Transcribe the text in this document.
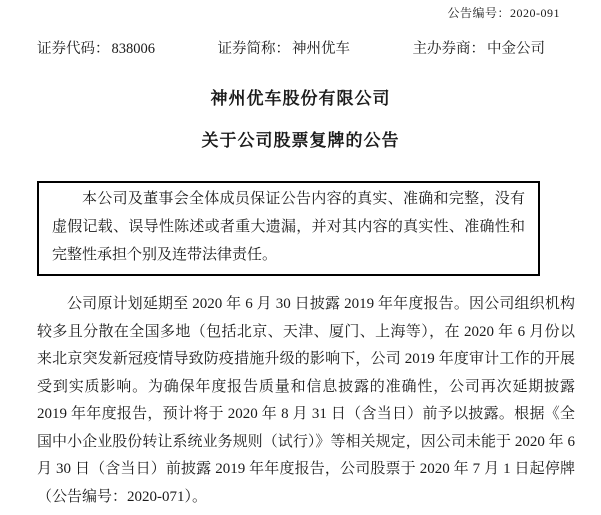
公告编号：2020-091
证券代码： 838006	证券简称： 神州优车	主办券商： 中金公司
神州优车股份有限公司
关于公司股票复牌的公告

本公司及董事会全体成员保证公告内容的真实、准确和完整，没有虚假记载、误导性陈述或者重大遗漏，并对其内容的真实性、准确性和完整性承担个别及连带法律责任。

公司原计划延期至 2020 年 6 月 30 日披露 2019 年年度报告。因公司组织机构较多且分散在全国多地（包括北京、天津、厦门、上海等），在 2020 年 6 月份以来北京突发新冠疫情导致防疫措施升级的影响下，公司 2019 年度审计工作的开展受到实质影响。为确保年度报告质量和信息披露的准确性，公司再次延期披露 2019 年年度报告，预计将于 2020 年 8 月 31 日（含当日）前予以披露。根据《全国中小企业股份转让系统业务规则（试行）》等相关规定，因公司未能于 2020 年 6 月 30 日（含当日）前披露 2019 年年度报告，公司股票于 2020 年 7 月 1 日起停牌（公告编号：2020-071）。
